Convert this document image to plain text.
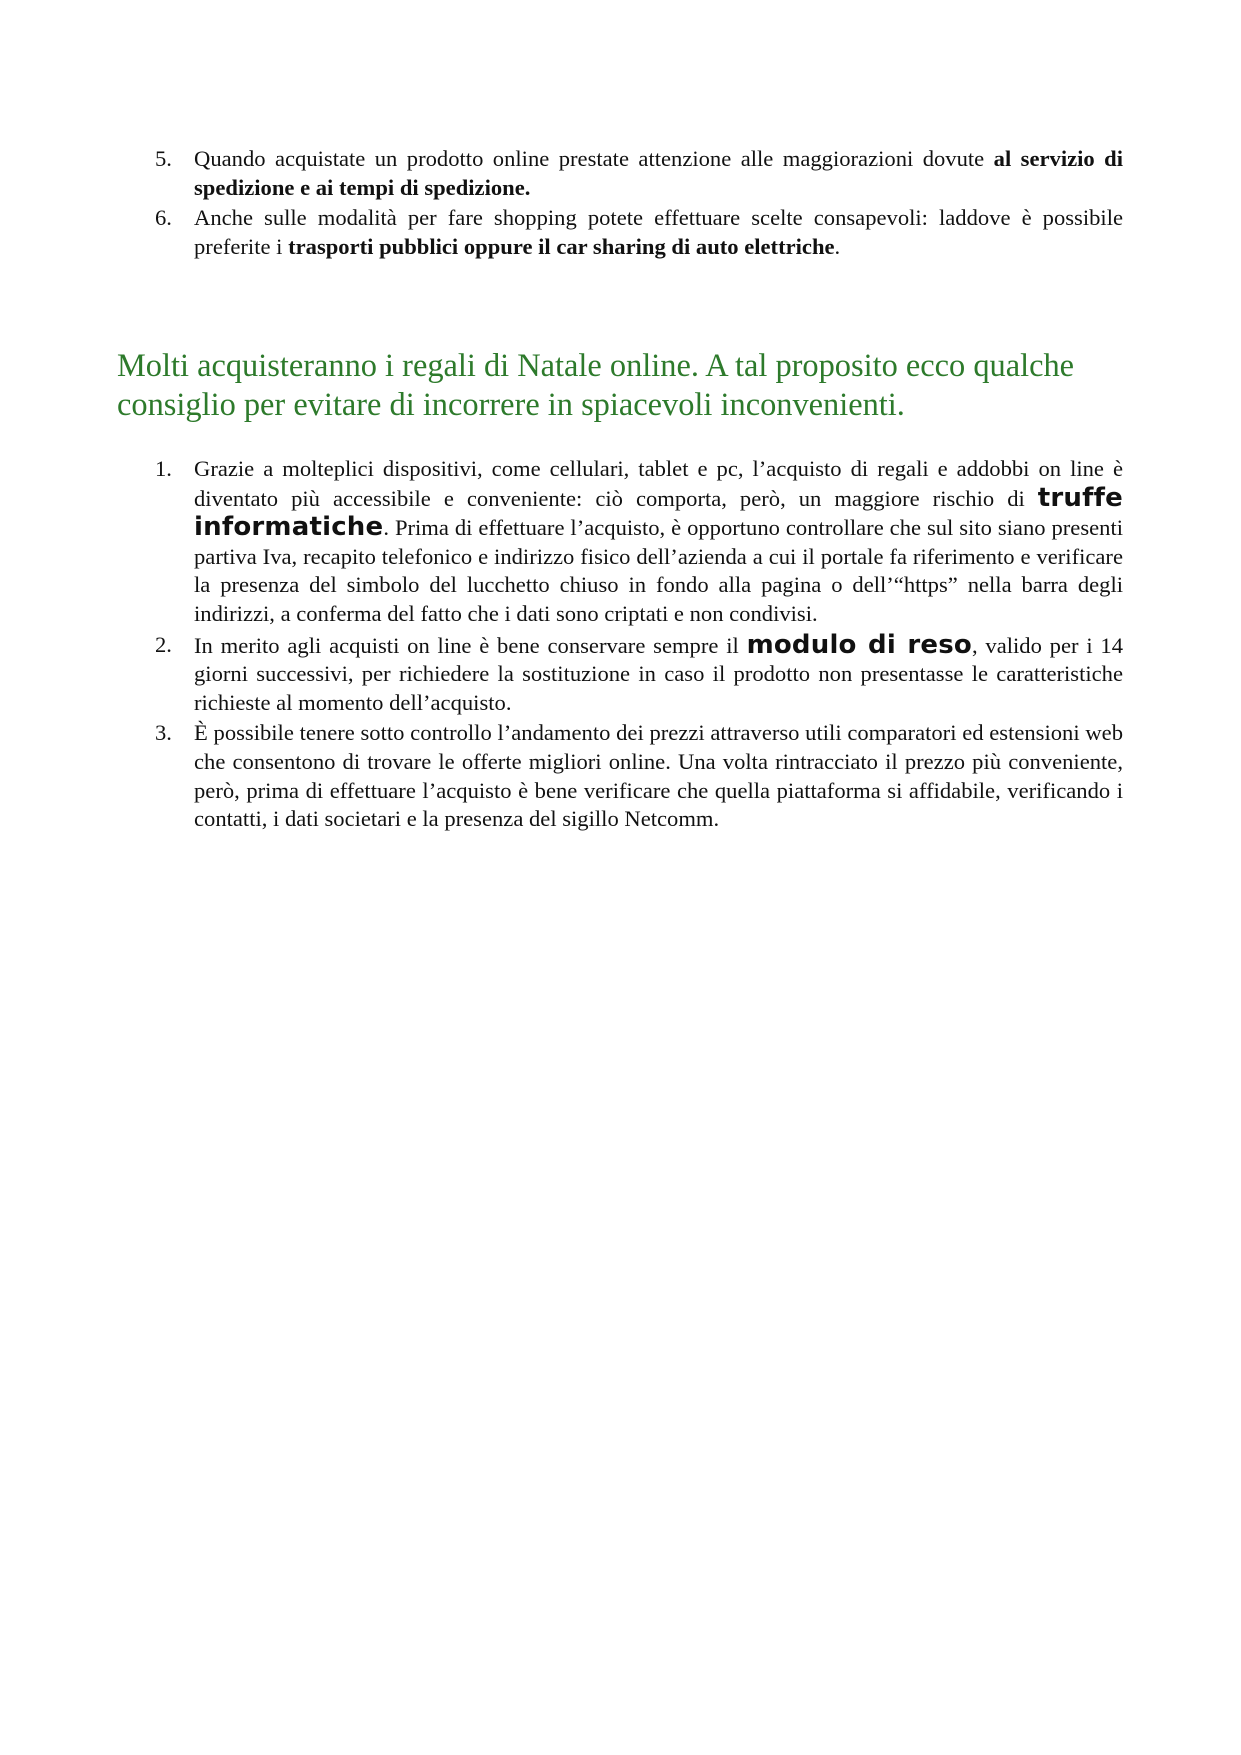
5. Quando acquistate un prodotto online prestate attenzione alle maggiorazioni dovute al servizio di spedizione e ai tempi di spedizione.
6. Anche sulle modalità per fare shopping potete effettuare scelte consapevoli: laddove è possibile preferite i trasporti pubblici oppure il car sharing di auto elettriche.
Molti acquisteranno i regali di Natale online. A tal proposito ecco qualche consiglio per evitare di incorrere in spiacevoli inconvenienti.
1. Grazie a molteplici dispositivi, come cellulari, tablet e pc, l’acquisto di regali e addobbi on line è diventato più accessibile e conveniente: ciò comporta, però, un maggiore rischio di truffe informatiche. Prima di effettuare l’acquisto, è opportuno controllare che sul sito siano presenti partiva Iva, recapito telefonico e indirizzo fisico dell’azienda a cui il portale fa riferimento e verificare la presenza del simbolo del lucchetto chiuso in fondo alla pagina o dell’“https” nella barra degli indirizzi, a conferma del fatto che i dati sono criptati e non condivisi.
2. In merito agli acquisti on line è bene conservare sempre il modulo di reso, valido per i 14 giorni successivi, per richiedere la sostituzione in caso il prodotto non presentasse le caratteristiche richieste al momento dell’acquisto.
3. È possibile tenere sotto controllo l’andamento dei prezzi attraverso utili comparatori ed estensioni web che consentono di trovare le offerte migliori online. Una volta rintracciato il prezzo più conveniente, però, prima di effettuare l’acquisto è bene verificare che quella piattaforma si affidabile, verificando i contatti, i dati societari e la presenza del sigillo Netcomm.
